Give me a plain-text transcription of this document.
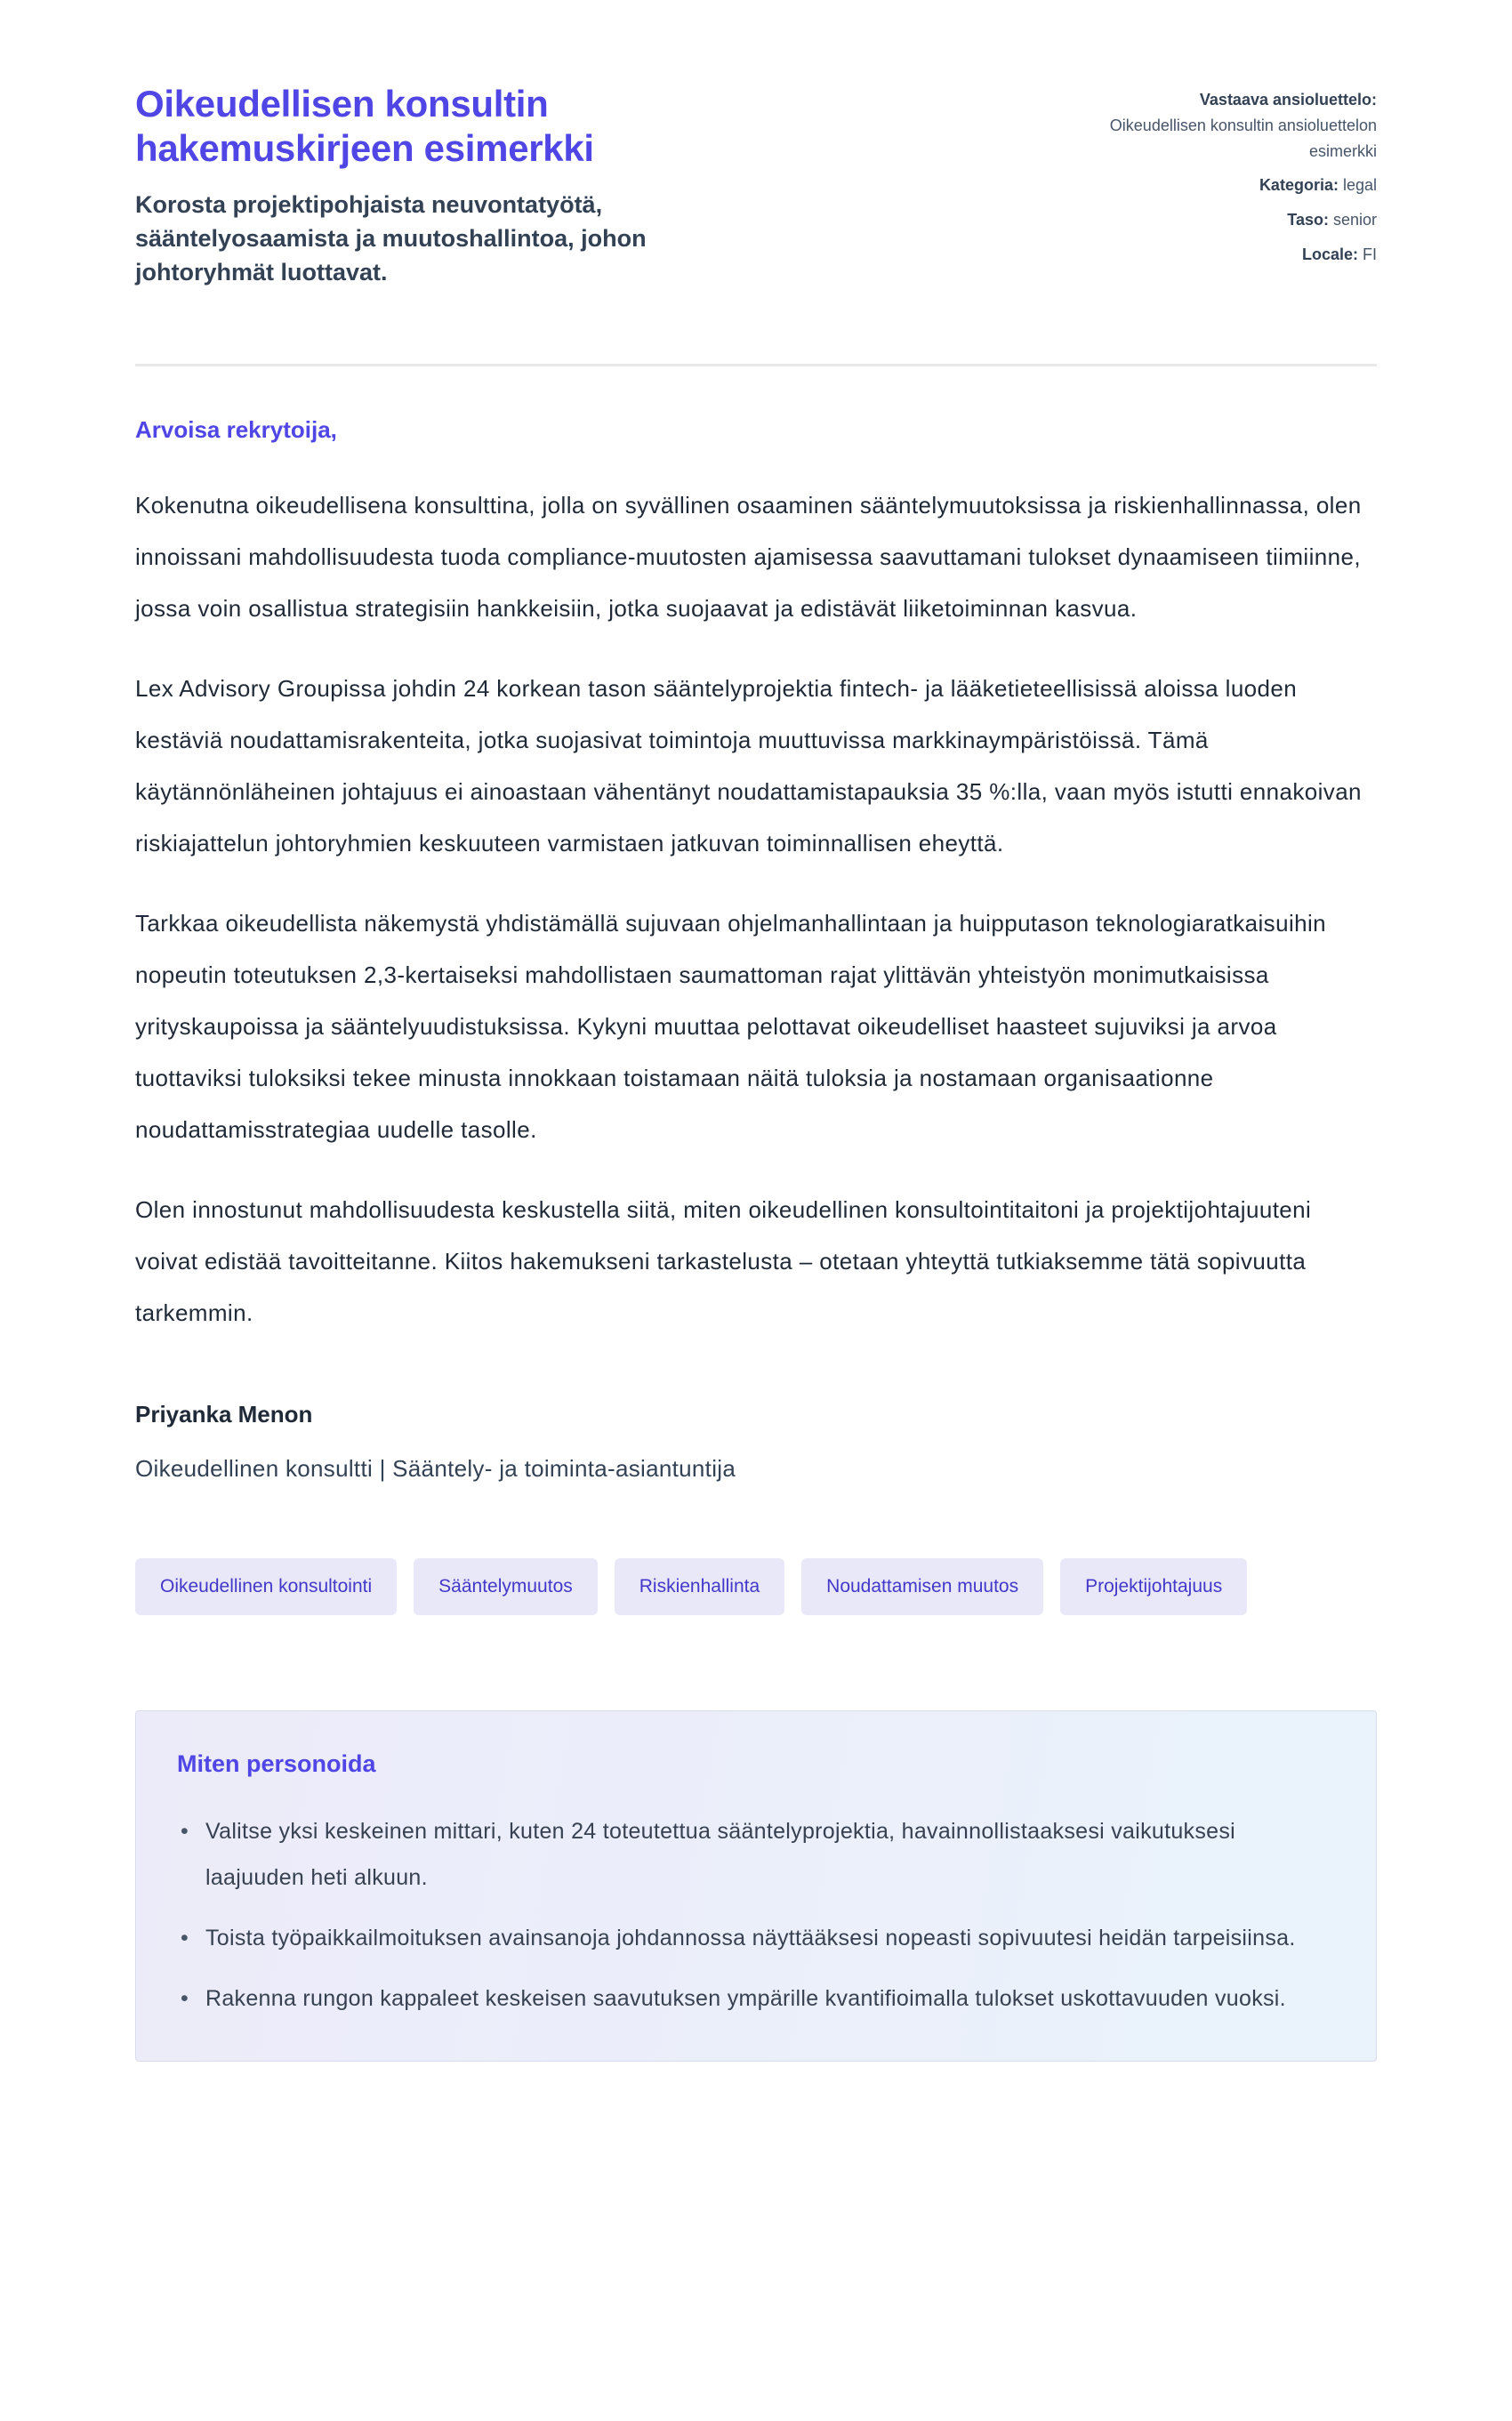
Oikeudellisen konsultin hakemuskirjeen esimerkki

Korosta projektipohjaista neuvontatyötä, sääntelyosaamista ja muutoshallintoa, johon johtoryhmät luottavat.

Vastaava ansioluettelo: Oikeudellisen konsultin ansioluettelon esimerkki
Kategoria: legal
Taso: senior
Locale: FI
Arvoisa rekrytoija,

Kokenutna oikeudellisena konsulttina, jolla on syvällinen osaaminen sääntelymuutoksissa ja riskienhallinnassa, olen innoissani mahdollisuudesta tuoda compliance-muutosten ajamisessa saavuttamani tulokset dynaamiseen tiimiinne, jossa voin osallistua strategisiin hankkeisiin, jotka suojaavat ja edistävät liiketoiminnan kasvua.

Lex Advisory Groupissa johdin 24 korkean tason sääntelyprojektia fintech- ja lääketieteellisissä aloissa luoden kestäviä noudattamisrakenteita, jotka suojasivat toimintoja muuttuvissa markkinaympäristöissä. Tämä käytännönläheinen johtajuus ei ainoastaan vähentänyt noudattamistapauksia 35 %:lla, vaan myös istutti ennakoivan riskiajattelun johtoryhmien keskuuteen varmistaen jatkuvan toiminnallisen eheyttä.

Tarkkaa oikeudellista näkemystä yhdistämällä sujuvaan ohjelmanhallintaan ja huipputason teknologiaratkaisuihin nopeutin toteutuksen 2,3-kertaiseksi mahdollistaen saumattoman rajat ylittävän yhteistyön monimutkaisissa yrityskaupoissa ja sääntelyuudistuksissa. Kykyni muuttaa pelottavat oikeudelliset haasteet sujuviksi ja arvoa tuottaviksi tuloksiksi tekee minusta innokkaan toistamaan näitä tuloksia ja nostamaan organisaationne noudattamisstrategiaa uudelle tasolle.

Olen innostunut mahdollisuudesta keskustella siitä, miten oikeudellinen konsultointitaitoni ja projektijohtajuuteni voivat edistää tavoitteitanne. Kiitos hakemukseni tarkastelusta – otetaan yhteyttä tutkiaksemme tätä sopivuutta tarkemmin.

Priyanka Menon
Oikeudellinen konsultti | Sääntely- ja toiminta-asiantuntija
Oikeudellinen konsultointi	Sääntelymuutos	Riskienhallinta	Noudattamisen muutos	Projektijohtajuus
Miten personoida
• Valitse yksi keskeinen mittari, kuten 24 toteutettua sääntelyprojektia, havainnollistaaksesi vaikutuksesi laajuuden heti alkuun.
• Toista työpaikkailmoituksen avainsanoja johdannossa näyttääksesi nopeasti sopivuutesi heidän tarpeisiinsa.
• Rakenna rungon kappaleet keskeisen saavutuksen ympärille kvantifioimalla tulokset uskottavuuden vuoksi.
